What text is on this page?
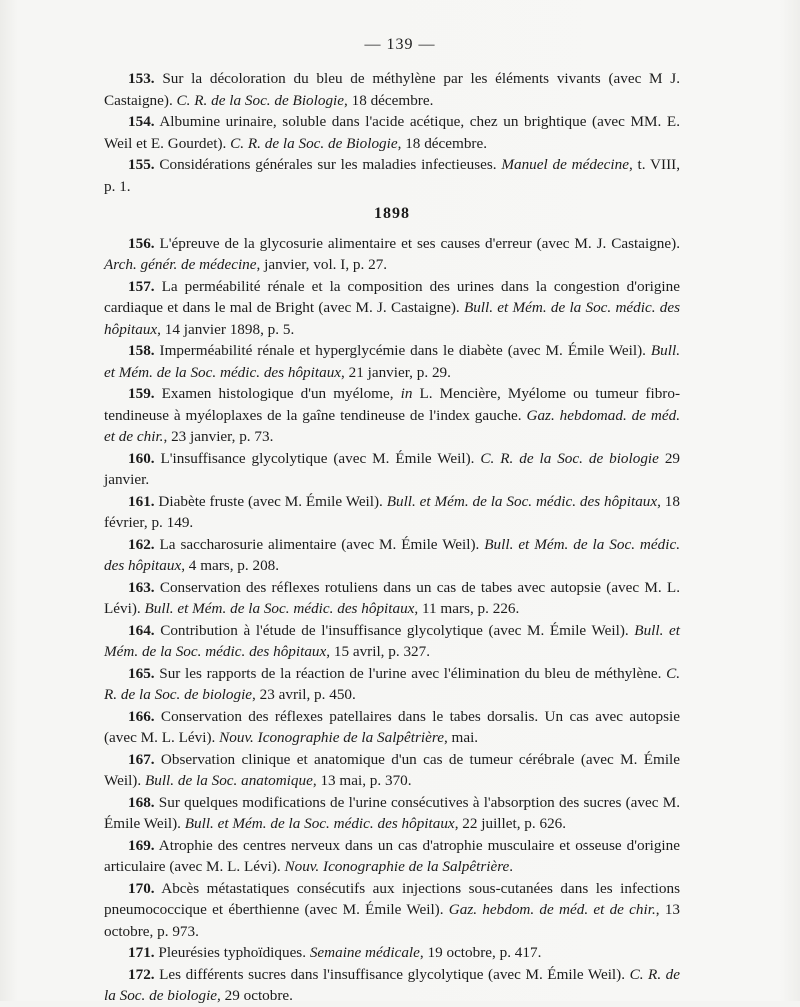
— 139 —

153. Sur la décoloration du bleu de méthylène par les éléments vivants (avec M J. Castaigne). C. R. de la Soc. de Biologie, 18 décembre.

154. Albumine urinaire, soluble dans l'acide acétique, chez un brightique (avec MM. E. Weil et E. Gourdet). C. R. de la Soc. de Biologie, 18 décembre.

155. Considérations générales sur les maladies infectieuses. Manuel de médecine, t. VIII, p. 1.

1898

156. L'épreuve de la glycosurie alimentaire et ses causes d'erreur (avec M. J. Castaigne). Arch. génér. de médecine, janvier, vol. I, p. 27.

157. La perméabilité rénale et la composition des urines dans la congestion d'origine cardiaque et dans le mal de Bright (avec M. J. Castaigne). Bull. et Mém. de la Soc. médic. des hôpitaux, 14 janvier 1898, p. 5.

158. Imperméabilité rénale et hyperglycémie dans le diabète (avec M. Émile Weil). Bull. et Mém. de la Soc. médic. des hôpitaux, 21 janvier, p. 29.

159. Examen histologique d'un myélome, in L. Mencière, Myélome ou tumeur fibro-tendineuse à myéloplaxes de la gaîne tendineuse de l'index gauche. Gaz. hebdomad. de méd. et de chir., 23 janvier, p. 73.

160. L'insuffisance glycolytique (avec M. Émile Weil). C. R. de la Soc. de biologie 29 janvier.

161. Diabète fruste (avec M. Émile Weil). Bull. et Mém. de la Soc. médic. des hôpitaux, 18 février, p. 149.

162. La saccharosurie alimentaire (avec M. Émile Weil). Bull. et Mém. de la Soc. médic. des hôpitaux, 4 mars, p. 208.

163. Conservation des réflexes rotuliens dans un cas de tabes avec autopsie (avec M. L. Lévi). Bull. et Mém. de la Soc. médic. des hôpitaux, 11 mars, p. 226.

164. Contribution à l'étude de l'insuffisance glycolytique (avec M. Émile Weil). Bull. et Mém. de la Soc. médic. des hôpitaux, 15 avril, p. 327.

165. Sur les rapports de la réaction de l'urine avec l'élimination du bleu de méthylène. C. R. de la Soc. de biologie, 23 avril, p. 450.

166. Conservation des réflexes patellaires dans le tabes dorsalis. Un cas avec autopsie (avec M. L. Lévi). Nouv. Iconographie de la Salpêtrière, mai.

167. Observation clinique et anatomique d'un cas de tumeur cérébrale (avec M. Émile Weil). Bull. de la Soc. anatomique, 13 mai, p. 370.

168. Sur quelques modifications de l'urine consécutives à l'absorption des sucres (avec M. Émile Weil). Bull. et Mém. de la Soc. médic. des hôpitaux, 22 juillet, p. 626.

169. Atrophie des centres nerveux dans un cas d'atrophie musculaire et osseuse d'origine articulaire (avec M. L. Lévi). Nouv. Iconographie de la Salpêtrière.

170. Abcès métastatiques consécutifs aux injections sous-cutanées dans les infections pneumococcique et éberthienne (avec M. Émile Weil). Gaz. hebdom. de méd. et de chir., 13 octobre, p. 973.

171. Pleurésies typhoïdiques. Semaine médicale, 19 octobre, p. 417.

172. Les différents sucres dans l'insuffisance glycolytique (avec M. Émile Weil). C. R. de la Soc. de biologie, 29 octobre.
